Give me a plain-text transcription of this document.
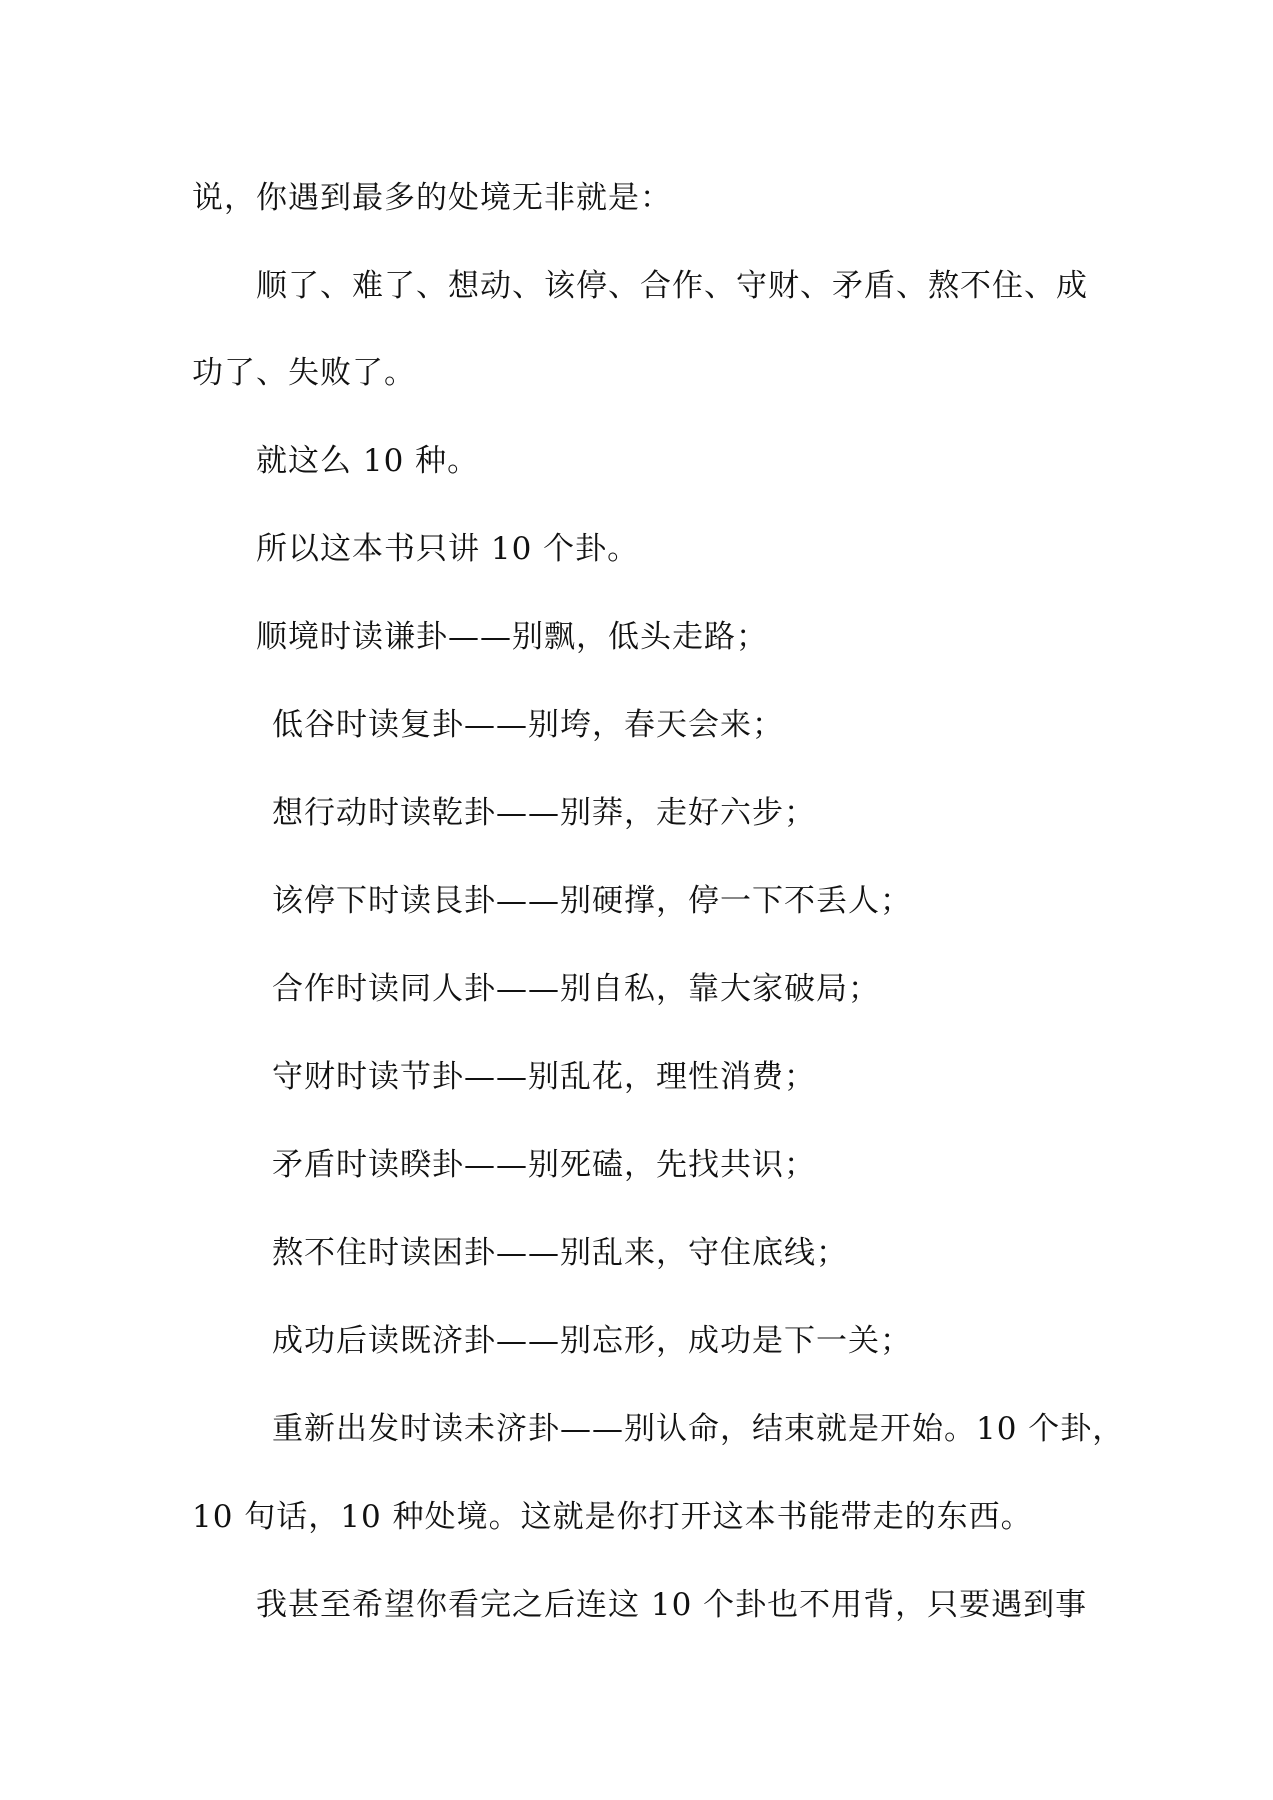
说，你遇到最多的处境无非就是：

顺了、难了、想动、该停、合作、守财、矛盾、熬不住、成

功了、失败了。

就这么 10 种。

所以这本书只讲 10 个卦。

顺境时读谦卦——别飘，低头走路；

低谷时读复卦——别垮，春天会来；

想行动时读乾卦——别莽，走好六步；

该停下时读艮卦——别硬撑，停一下不丢人；

合作时读同人卦——别自私，靠大家破局；

守财时读节卦——别乱花，理性消费；

矛盾时读睽卦——别死磕，先找共识；

熬不住时读困卦——别乱来，守住底线；

成功后读既济卦——别忘形，成功是下一关；

重新出发时读未济卦——别认命，结束就是开始。10 个卦，

10 句话，10 种处境。这就是你打开这本书能带走的东西。

我甚至希望你看完之后连这 10 个卦也不用背，只要遇到事
